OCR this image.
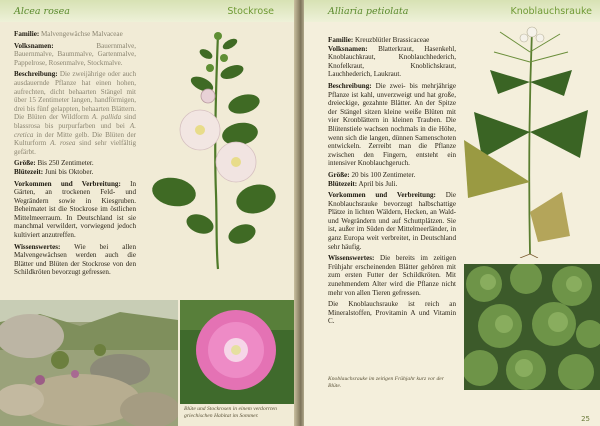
Alcea rosea	Stockrose

Familie: Malvengewächse Malvaceae

Volksnamen:	Bauernmalve, Bauernmalve, Baummalve, Gartenmalve, Pappelrose, Rosenmalve, Stockmalve.

Beschreibung: Die zweijährige oder auch ausdauernde Pflanze hat einen hohen, aufrechten, dicht behaarten Stängel mit über 15 Zentimeter langen, handförmigen, drei bis fünf gelappten, behaarten Blättern. Die Blüten der Wildform A. pallida sind blassrosa bis purpurfarben und bei A. cretica in der Mitte gelb. Die Blüten der Kulturform A. rosea sind sehr vielfältig gefärbt.

Größe: Bis 250 Zentimeter.
Blütezeit: Juni bis Oktober.

Vorkommen und Verbreitung: In Gärten, an trockenen Feld- und Wegrändern sowie in Kiesgruben. Beheimatet ist die Stockrose im östlichen Mittelmeerraum. In Deutschland ist sie manchmal verwildert, vorwiegend jedoch kultiviert anzutreffen.

Wissenswertes: Wie bei allen Malvengewächsen werden auch die Blätter und Blüten der Stockrose von den Schildkröten bevorzugt gefressen.

Blüte und Stockrosen in einem verdorrten griechischen Habitat im Sommer.
Alliaria petiolata	Knoblauchsrauke

Familie: Kreuzblütler Brassicaceae
Volksnamen: Blatterkraut, Hasenkehl, Knoblauchkraut, Knoblauchhederich, Knofelkraut, Knoblichskraut, Lauchhederich, Laukraut.

Beschreibung: Die zwei- bis mehrjährige Pflanze ist kahl, unverzweigt und hat große, dreieckige, gezahnte Blätter. An der Spitze der Stängel sitzen kleine weiße Blüten mit vier Kronblättern in kleinen Trauben. Die Blütenstiele wachsen nochmals in die Höhe, wenn sich die langen, dünnen Samenschoten entwickeln. Zerreibt man die Pflanze zwischen den Fingern, entsteht ein intensiver Knoblauchgeruch.

Größe: 20 bis 100 Zentimeter.
Blütezeit: April bis Juli.

Vorkommen und Verbreitung: Die Knoblauchsrauke bevorzugt halbschattige Plätze in lichten Wäldern, Hecken, an Wald- und Wegrändern und auf Schuttplätzen. Sie ist, außer im Süden der Mittelmeerländer, in ganz Europa weit verbreitet, in Deutschland sehr häufig.

Wissenswertes: Die bereits im zeitigen Frühjahr erscheinenden Blätter gehören mit zum ersten Futter der Schildkröten. Mit zunehmendem Alter wird die Pflanze nicht mehr von allen Tieren gefressen.

Die Knoblauchsrauke ist reich an Mineralstoffen, Provitamin A und Vitamin C.

Knoblauchsrauke im zeitigen Frühjahr kurz vor der Blüte.
25
